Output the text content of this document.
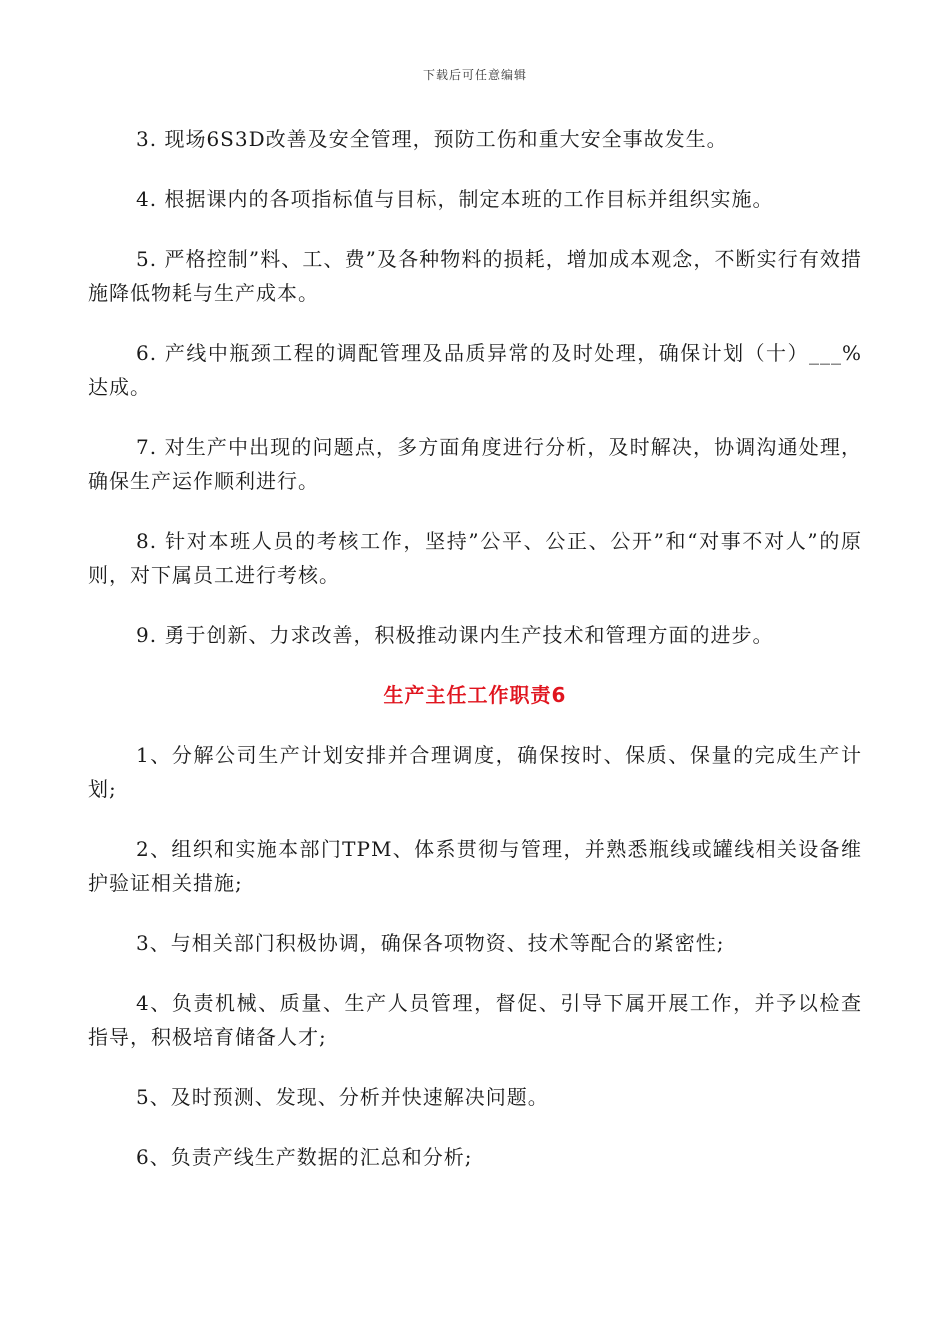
下载后可任意编辑

3. 现场6S3D改善及安全管理，预防工伤和重大安全事故发生。

4. 根据课内的各项指标值与目标，制定本班的工作目标并组织实施。

5. 严格控制”料、工、费”及各种物料的损耗，增加成本观念，不断实行有效措施降低物耗与生产成本。

6. 产线中瓶颈工程的调配管理及品质异常的及时处理，确保计划（十）___%达成。

7. 对生产中出现的问题点，多方面角度进行分析，及时解决，协调沟通处理，确保生产运作顺利进行。

8. 针对本班人员的考核工作，坚持”公平、公正、公开”和“对事不对人”的原则，对下属员工进行考核。

9. 勇于创新、力求改善，积极推动课内生产技术和管理方面的进步。

生产主任工作职责6

1、分解公司生产计划安排并合理调度，确保按时、保质、保量的完成生产计划;

2、组织和实施本部门TPM、体系贯彻与管理，并熟悉瓶线或罐线相关设备维护验证相关措施;

3、与相关部门积极协调，确保各项物资、技术等配合的紧密性;

4、负责机械、质量、生产人员管理，督促、引导下属开展工作，并予以检查指导，积极培育储备人才;

5、及时预测、发现、分析并快速解决问题。

6、负责产线生产数据的汇总和分析;
